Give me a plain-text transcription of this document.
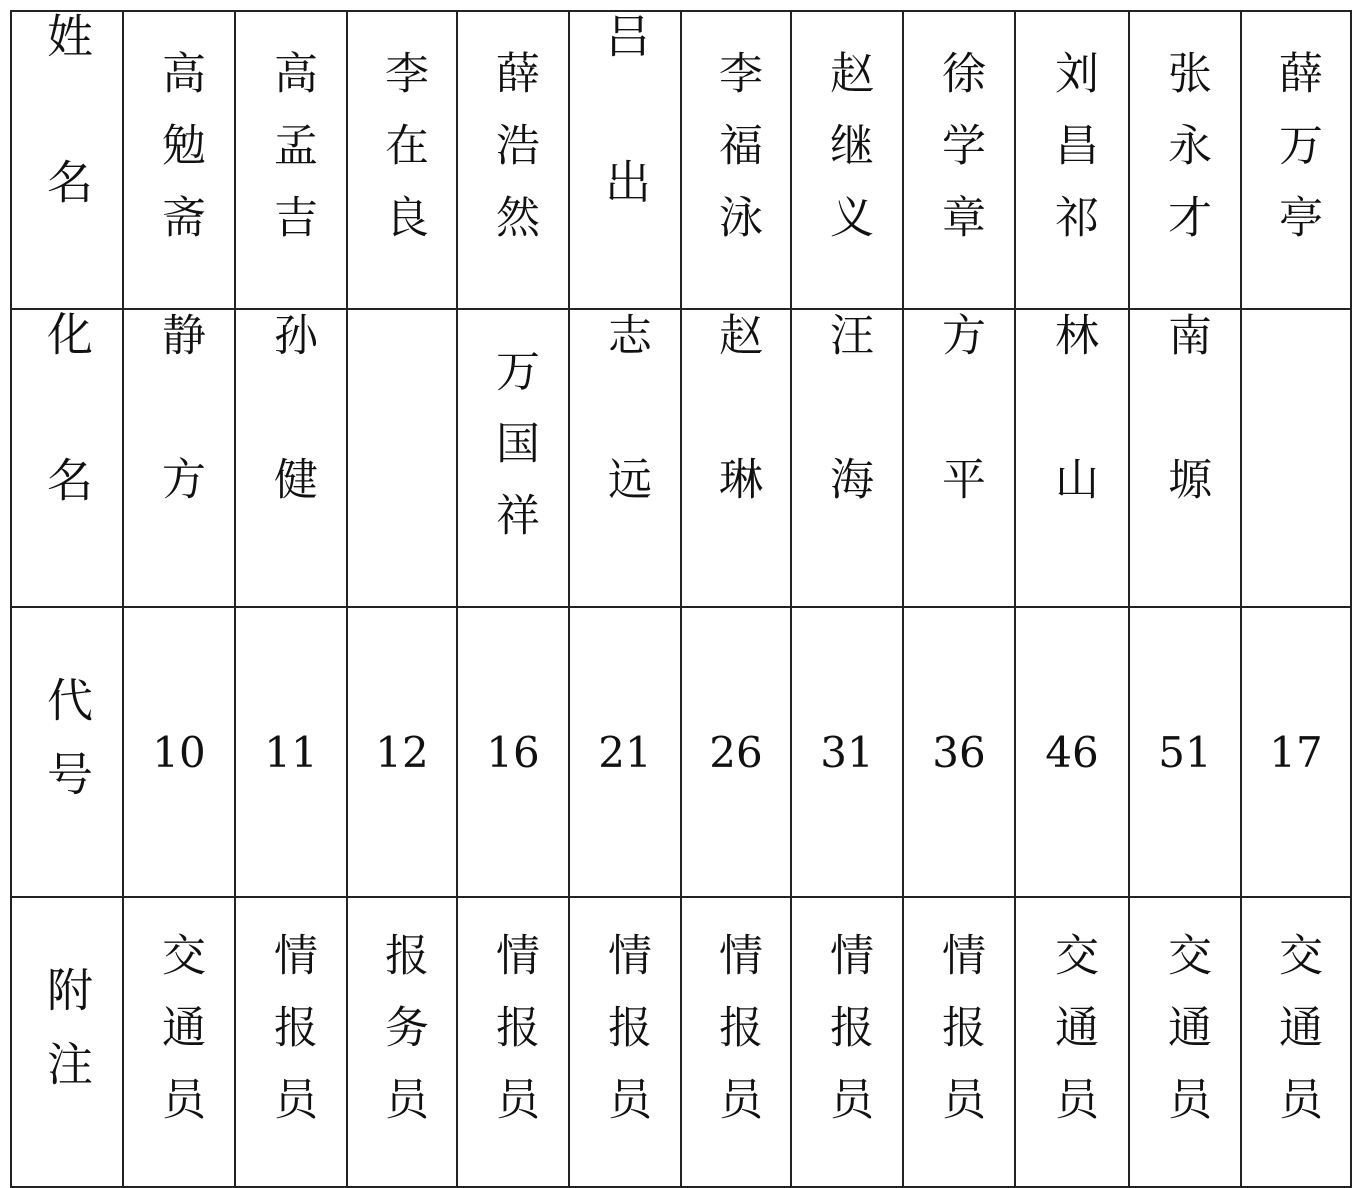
姓名	高勉斋	高孟吉	李在良	薛浩然	吕出	李福泳	赵继义	徐学章	刘昌祁	张永才	薛万亭
化名	静方	孙健		万国祥	志远	赵琳	汪海	方平	林山	南塬	
代号	10	11	12	16	21	26	31	36	46	51	17
附注	交通员	情报员	报务员	情报员	情报员	情报员	情报员	情报员	交通员	交通员	交通员
